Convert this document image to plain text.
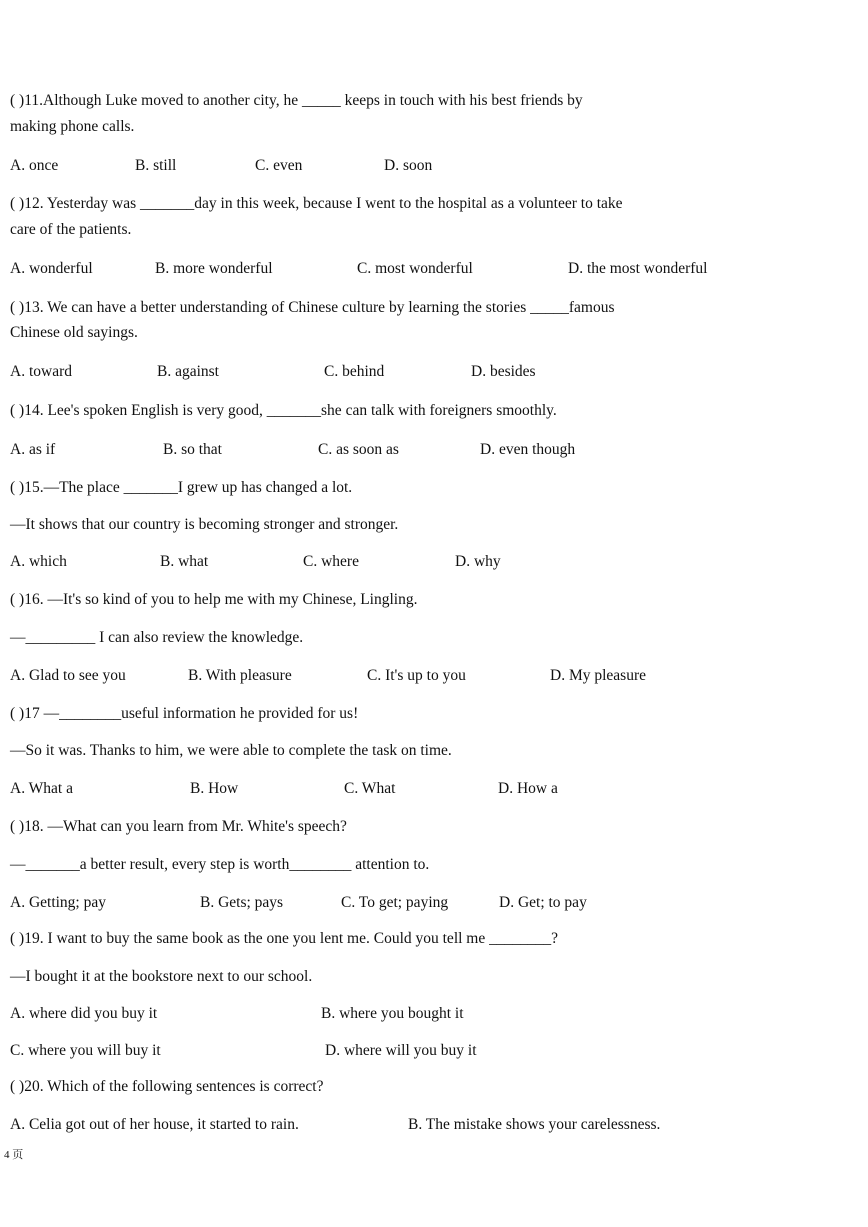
( )11.Although Luke moved to another city, he _____ keeps in touch with his best friends by
making phone calls.
A. once	B. still	C. even	D. soon
( )12. Yesterday was _______day in this week, because I went to the hospital as a volunteer to take
care of the patients.
A. wonderful	B. more wonderful	C. most wonderful	D. the most wonderful
( )13. We can have a better understanding of Chinese culture by learning the stories _____famous
Chinese old sayings.
A. toward	B. against	C. behind	D. besides
( )14. Lee's spoken English is very good, _______she can talk with foreigners smoothly.
A. as if	B. so that	C. as soon as	D. even though
( )15.—The place _______I grew up has changed a lot.
—It shows that our country is becoming stronger and stronger.
A. which	B. what	C. where	D. why
( )16. —It's so kind of you to help me with my Chinese, Lingling.
—_________ I can also review the knowledge.
A. Glad to see you	B. With pleasure	C. It's up to you	D. My pleasure
( )17 —________useful information he provided for us!
—So it was. Thanks to him, we were able to complete the task on time.
A. What a	B. How	C. What	D. How a
( )18. —What can you learn from Mr. White's speech?
—_______a better result, every step is worth________ attention to.
A. Getting; pay	B. Gets; pays	C. To get; paying	D. Get; to pay
( )19. I want to buy the same book as the one you lent me. Could you tell me ________?
—I bought it at the bookstore next to our school.
A. where did you buy it	B. where you bought it
C. where you will buy it	D. where will you buy it
( )20. Which of the following sentences is correct?
A. Celia got out of her house, it started to rain.	B. The mistake shows your carelessness.
4 页
